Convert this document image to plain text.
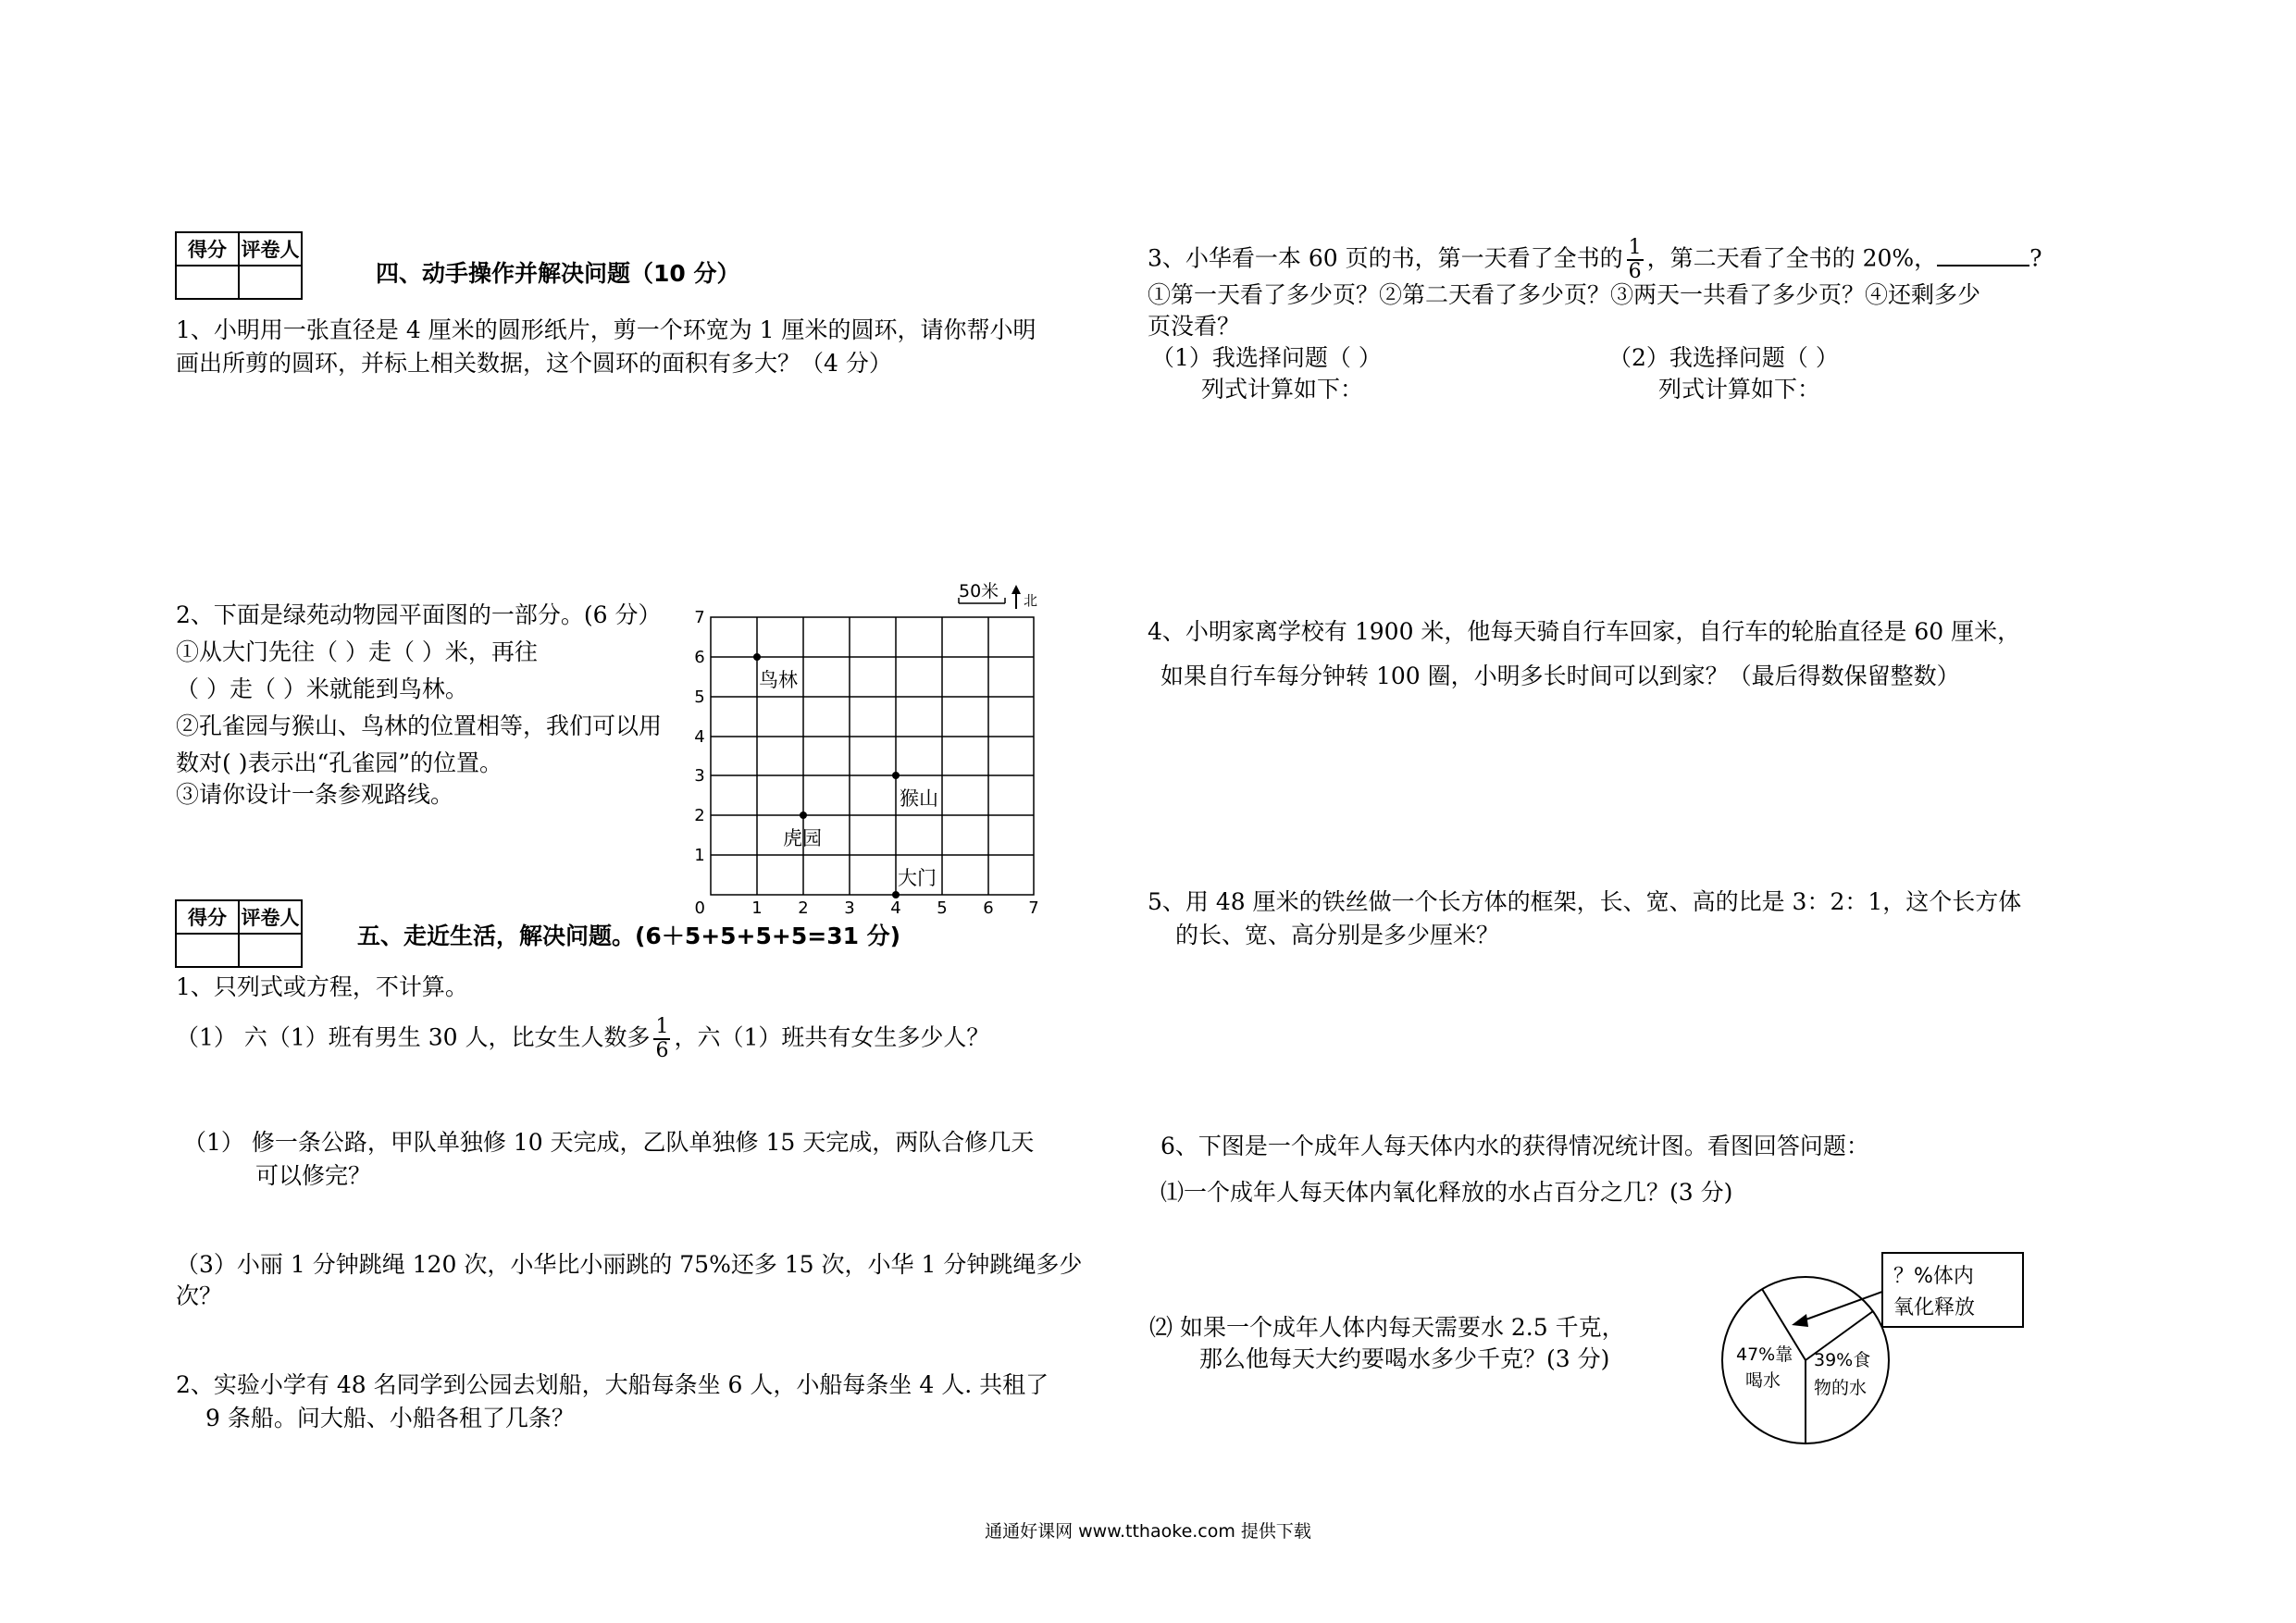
得分	评卷人

四、动手操作并解决问题（10 分）
1、小明用一张直径是 4 厘米的圆形纸片，剪一个环宽为 1 厘米的圆环，请你帮小明
画出所剪的圆环，并标上相关数据，这个圆环的面积有多大？（4 分）
2、下面是绿苑动物园平面图的一部分。(6 分）
①从大门先往（ ）走（ ）米，再往
（ ）走（ ）米就能到鸟林。
②孔雀园与猴山、鸟林的位置相等，我们可以用
数对( )表示出“孔雀园”的位置。
③请你设计一条参观路线。
50米 北
0	1 2 3 4 5 6 7
1
2
3
4
5
6
7
鸟林
虎园
猴山
大门
得分	评卷人

五、走近生活，解决问题。(6＋5+5+5+5=31 分)
1、只列式或方程，不计算。
（1） 六（1）班有男生 30 人，比女生人数多 $\frac{1}{6}$ ，六（1）班共有女生多少人？
（1） 修一条公路，甲队单独修 10 天完成，乙队单独修 15 天完成，两队合修几天
可以修完？
（3）小丽 1 分钟跳绳 120 次，小华比小丽跳的 75%还多 15 次，小华 1 分钟跳绳多少
次？
2、实验小学有 48 名同学到公园去划船，大船每条坐 6 人，小船每条坐 4 人. 共租了
9 条船。问大船、小船各租了几条？
3、小华看一本 60 页的书，第一天看了全书的 $\frac{1}{6}$ ，第二天看了全书的 20%，	?
①第一天看了多少页？②第二天看了多少页？③两天一共看了多少页？④还剩多少
页没看？
（1）我选择问题（ ）	（2）我选择问题（ ）
列式计算如下：	列式计算如下：
4、小明家离学校有 1900 米，他每天骑自行车回家，自行车的轮胎直径是 60 厘米，
如果自行车每分钟转 100 圈，小明多长时间可以到家？（最后得数保留整数）
5、用 48 厘米的铁丝做一个长方体的框架，长、宽、高的比是 3：2：1，这个长方体
的长、宽、高分别是多少厘米？
6、下图是一个成年人每天体内水的获得情况统计图。看图回答问题：
⑴一个成年人每天体内氧化释放的水占百分之几？(3 分)
⑵ 如果一个成年人体内每天需要水 2.5 千克，
那么他每天大约要喝水多少千克？(3 分)
？%体内
氧化释放
47%靠
喝水
39%食
物的水
通通好课网 www.tthaoke.com 提供下载
